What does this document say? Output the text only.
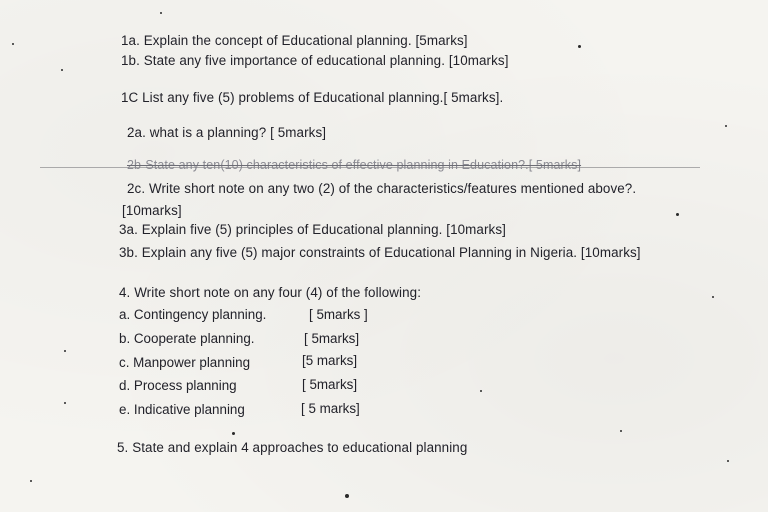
1a. Explain the concept of Educational planning. [5marks]
1b. State any five importance of educational planning. [10marks]
1C List any five (5) problems of Educational planning.[ 5marks].
2a. what is a planning? [ 5marks]
2b-State any ten(10) characteristics of effective planning in Education?.[ 5marks]
2c. Write short note on any two (2) of the characteristics/features mentioned above?.
[10marks]
3a. Explain five (5) principles of Educational planning. [10marks]
3b. Explain any five (5) major constraints of Educational Planning in Nigeria. [10marks]
4. Write short note on any four (4) of the following:
a. Contingency planning.	[ 5marks ]
b. Cooperate planning.	[ 5marks]
c. Manpower planning	[5 marks]
d. Process planning	[ 5marks]
e. Indicative planning	[ 5 marks]
5. State and explain 4 approaches to educational planning
